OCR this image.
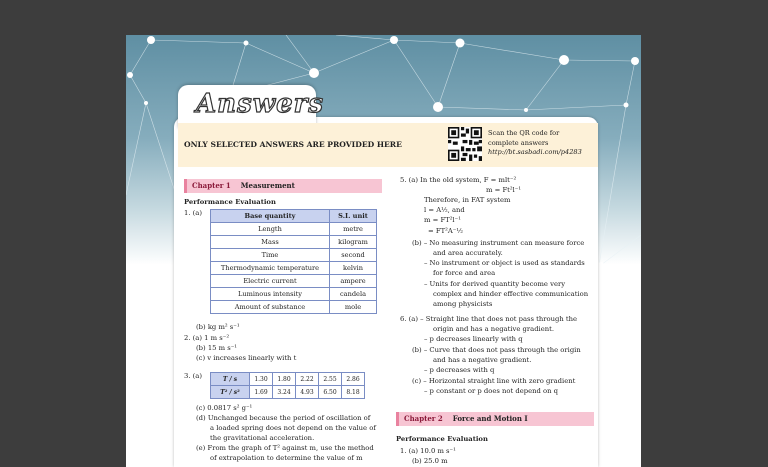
Answers
ONLY SELECTED ANSWERS ARE PROVIDED HERE
Scan the QR code for
complete answers
http://bt.sasbadi.com/p4283
Chapter 1 Measurement
Performance Evaluation
1. (a)	Base quantity	S.I. unit
Length	metre
Mass	kilogram
Time	second
Thermodynamic temperature	kelvin
Electric current	ampere
Luminous intensity	candela
Amount of substance	mole
(b) kg m² s⁻¹
2. (a) 1 m s⁻²
(b) 15 m s⁻¹
(c) v increases linearly with t
3. (a)	T / s	1.30	1.80	2.22	2.55	2.86
T² / s²	1.69	3.24	4.93	6.50	8.18
(c) 0.0817 s² g⁻¹
(d) Unchanged because the period of oscillation of
a loaded spring does not depend on the value of
the gravitational acceleration.
(e) From the graph of T² against m, use the method
of extrapolation to determine the value of m
5. (a) In the old system, F = mlt⁻²
m = Ft²l⁻¹
Therefore, in FAT system
l = A½, and
m = FT²l⁻¹
= FT²A⁻½
(b) – No measuring instrument can measure force
and area accurately.
– No instrument or object is used as standards
for force and area
– Units for derived quantity become very
complex and hinder effective communication
among physicists
6. (a) – Straight line that does not pass through the
origin and has a negative gradient.
– p decreases linearly with q
(b) – Curve that does not pass through the origin
and has a negative gradient.
– p decreases with q
(c) – Horizontal straight line with zero gradient
– p constant or p does not depend on q
Chapter 2 Force and Motion I
Performance Evaluation
1. (a) 10.0 m s⁻¹
(b) 25.0 m
